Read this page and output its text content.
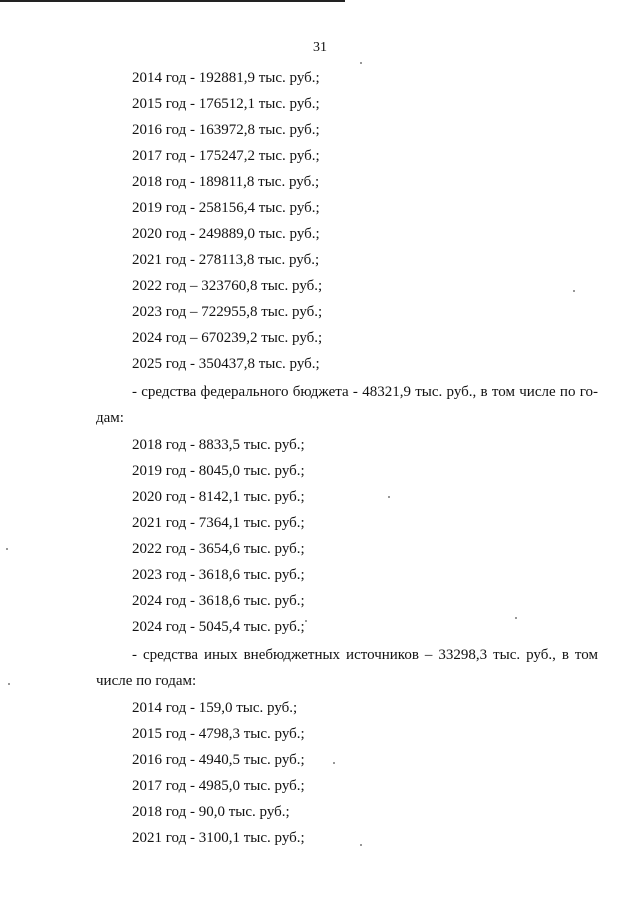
31
2014 год - 192881,9 тыс. руб.;
2015 год - 176512,1 тыс. руб.;
2016 год - 163972,8 тыс. руб.;
2017 год - 175247,2 тыс. руб.;
2018 год - 189811,8 тыс. руб.;
2019 год - 258156,4 тыс. руб.;
2020 год - 249889,0 тыс. руб.;
2021 год - 278113,8 тыс. руб.;
2022 год – 323760,8 тыс. руб.;
2023 год – 722955,8 тыс. руб.;
2024 год – 670239,2 тыс. руб.;
2025 год - 350437,8 тыс. руб.;
- средства федерального бюджета - 48321,9 тыс. руб., в том числе по го-
дам:
2018 год - 8833,5 тыс. руб.;
2019 год - 8045,0 тыс. руб.;
2020 год - 8142,1 тыс. руб.;
2021 год - 7364,1 тыс. руб.;
2022 год - 3654,6 тыс. руб.;
2023 год - 3618,6 тыс. руб.;
2024 год - 3618,6 тыс. руб.;
2024 год - 5045,4 тыс. руб.;
- средства иных внебюджетных источников – 33298,3 тыс. руб., в том
числе по годам:
2014 год - 159,0 тыс. руб.;
2015 год - 4798,3 тыс. руб.;
2016 год - 4940,5 тыс. руб.;
2017 год - 4985,0 тыс. руб.;
2018 год - 90,0 тыс. руб.;
2021 год - 3100,1 тыс. руб.;
